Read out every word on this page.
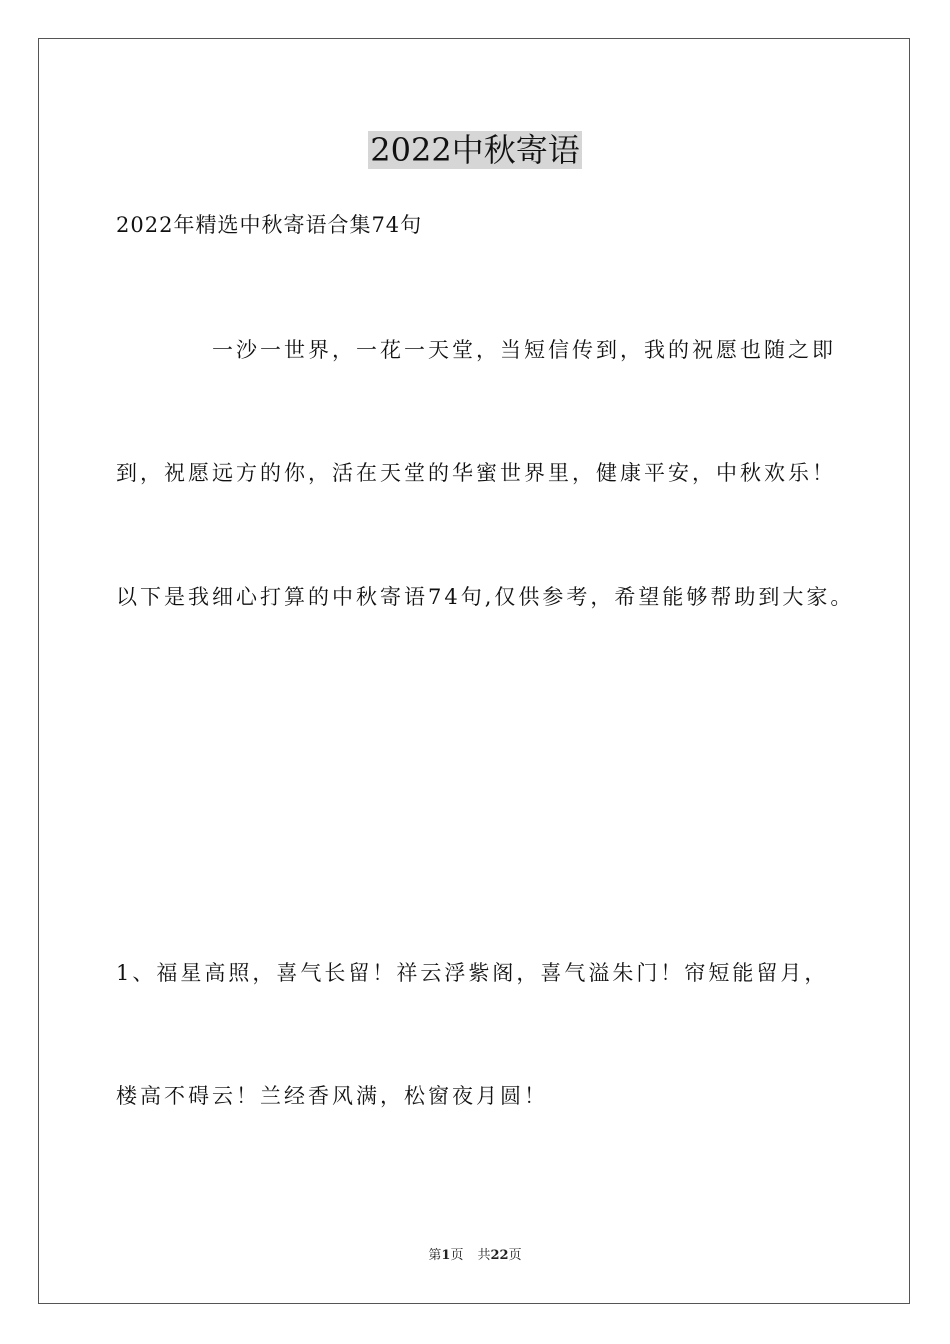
2022中秋寄语
2022年精选中秋寄语合集74句
一沙一世界，一花一天堂，当短信传到，我的祝愿也随之即
到，祝愿远方的你，活在天堂的华蜜世界里，健康平安，中秋欢乐！
以下是我细心打算的中秋寄语74句,仅供参考，希望能够帮助到大家。
1、福星高照，喜气长留！祥云浮紫阁，喜气溢朱门！帘短能留月，
楼高不碍云！兰经香风满，松窗夜月圆！
第1页 共22页
